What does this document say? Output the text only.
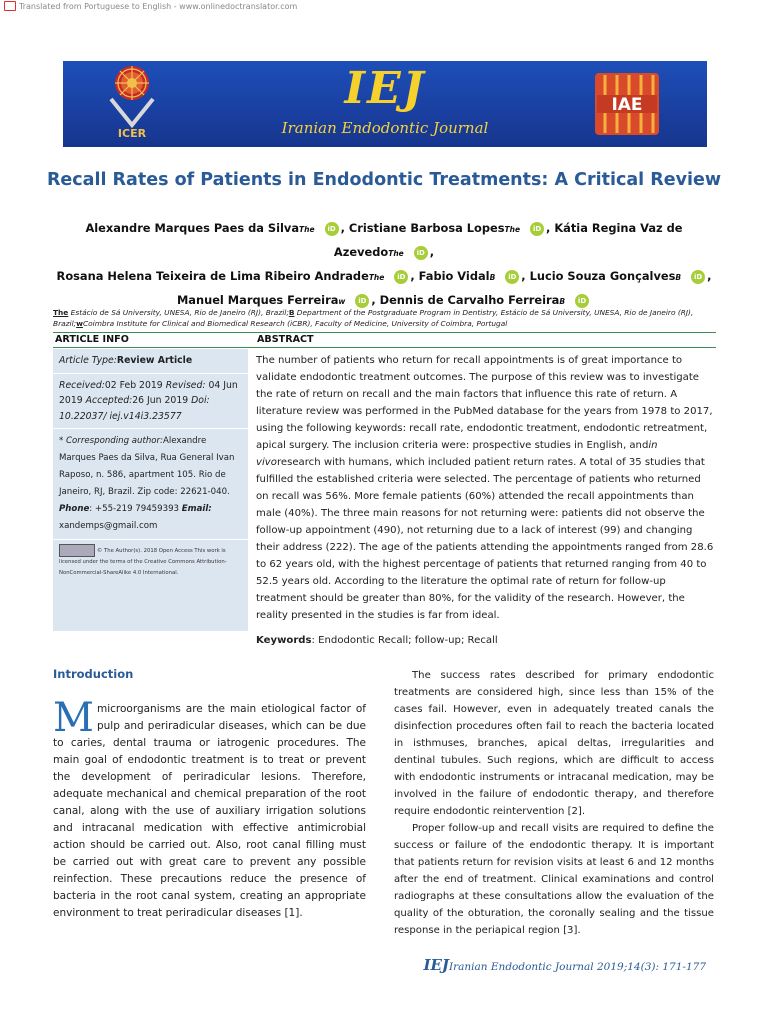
Translated from Portuguese to English - www.onlinedoctranslator.com
ICER
IEJ
Iranian Endodontic Journal
IAE
Recall Rates of Patients in Endodontic Treatments: A Critical Review
Alexandre Marques Paes da SilvaThe iD , Cristiane Barbosa LopesThe iD , Kátia Regina Vaz de AzevedoThe iD ,
Rosana Helena Teixeira de Lima Ribeiro AndradeThe iD , Fabio VidalB iD , Lucio Souza GonçalvesB iD ,
Manuel Marques Ferreiraw iD , Dennis de Carvalho FerreiraB iD
The Estácio de Sá University, UNESA, Rio de Janeiro (RJ), Brazil;B Department of the Postgraduate Program in Dentistry, Estácio de Sá University, UNESA, Rio de Janeiro (RJ), Brazil;wCoimbra Institute for Clinical and Biomedical Research (iCBR), Faculty of Medicine, University of Coimbra, Portugal
ARTICLE INFO	ABSTRACT
Article Type:Review Article
Received:02 Feb 2019 Revised: 04 Jun 2019 Accepted:26 Jun 2019 Doi: 10.22037/ iej.v14i3.23577
* Corresponding author:Alexandre Marques Paes da Silva, Rua General Ivan Raposo, n. 586, apartment 105. Rio de Janeiro, RJ, Brazil. Zip code: 22621-040.
Phone: +55-219 79459393 Email:
xandemps@gmail.com
© The Author(s). 2018 Open Access This work is licensed under the terms of the Creative Commons Attribution-NonCommercial-ShareAlike 4.0 International.
The number of patients who return for recall appointments is of great importance to validate endodontic treatment outcomes. The purpose of this review was to investigate the rate of return on recall and the main factors that influence this rate of return. A literature review was performed in the PubMed database for the years from 1978 to 2017, using the following keywords: recall rate, endodontic treatment, endodontic retreatment, apical surgery. The inclusion criteria were: prospective studies in English, andin vivoresearch with humans, which included patient return rates. A total of 35 studies that fulfilled the established criteria were selected. The percentage of patients who returned on recall was 56%. More female patients (60%) attended the recall appointments than male (40%). The three main reasons for not returning were: patients did not observe the follow-up appointment (490), not returning due to a lack of interest (99) and changing their address (222). The age of the patients attending the appointments ranged from 28.6 to 62 years old, with the highest percentage of patients that returned ranging from 40 to 52.5 years old. According to the literature the optimal rate of return for follow-up treatment should be greater than 80%, for the validity of the research. However, the reality presented in the studies is far from ideal.
Keywords: Endodontic Recall; follow-up; Recall
Introduction
Mmicroorganisms are the main etiological factor of pulp and periradicular diseases, which can be due to caries, dental trauma or iatrogenic procedures. The main goal of endodontic treatment is to treat or prevent the development of periradicular lesions. Therefore, adequate mechanical and chemical preparation of the root canal, along with the use of auxiliary irrigation solutions and intracanal medication with effective antimicrobial action should be carried out. Also, root canal filling must be carried out with great care to prevent any possible reinfection. These precautions reduce the presence of bacteria in the root canal system, creating an appropriate environment to treat periradicular diseases [1].

The success rates described for primary endodontic treatments are considered high, since less than 15% of the cases fail. However, even in adequately treated canals the disinfection procedures often fail to reach the bacteria located in isthmuses, branches, apical deltas, irregularities and dentinal tubules. Such regions, which are difficult to access with endodontic instruments or intracanal medication, may be involved in the failure of endodontic therapy, and therefore require endodontic reintervention [2].

Proper follow-up and recall visits are required to define the success or failure of the endodontic therapy. It is important that patients return for revision visits at least 6 and 12 months after the end of treatment. Clinical examinations and control radiographs at these consultations allow the evaluation of the quality of the obturation, the coronally sealing and the tissue response in the periapical region [3].

IEJIranian Endodontic Journal 2019;14(3): 171-177
